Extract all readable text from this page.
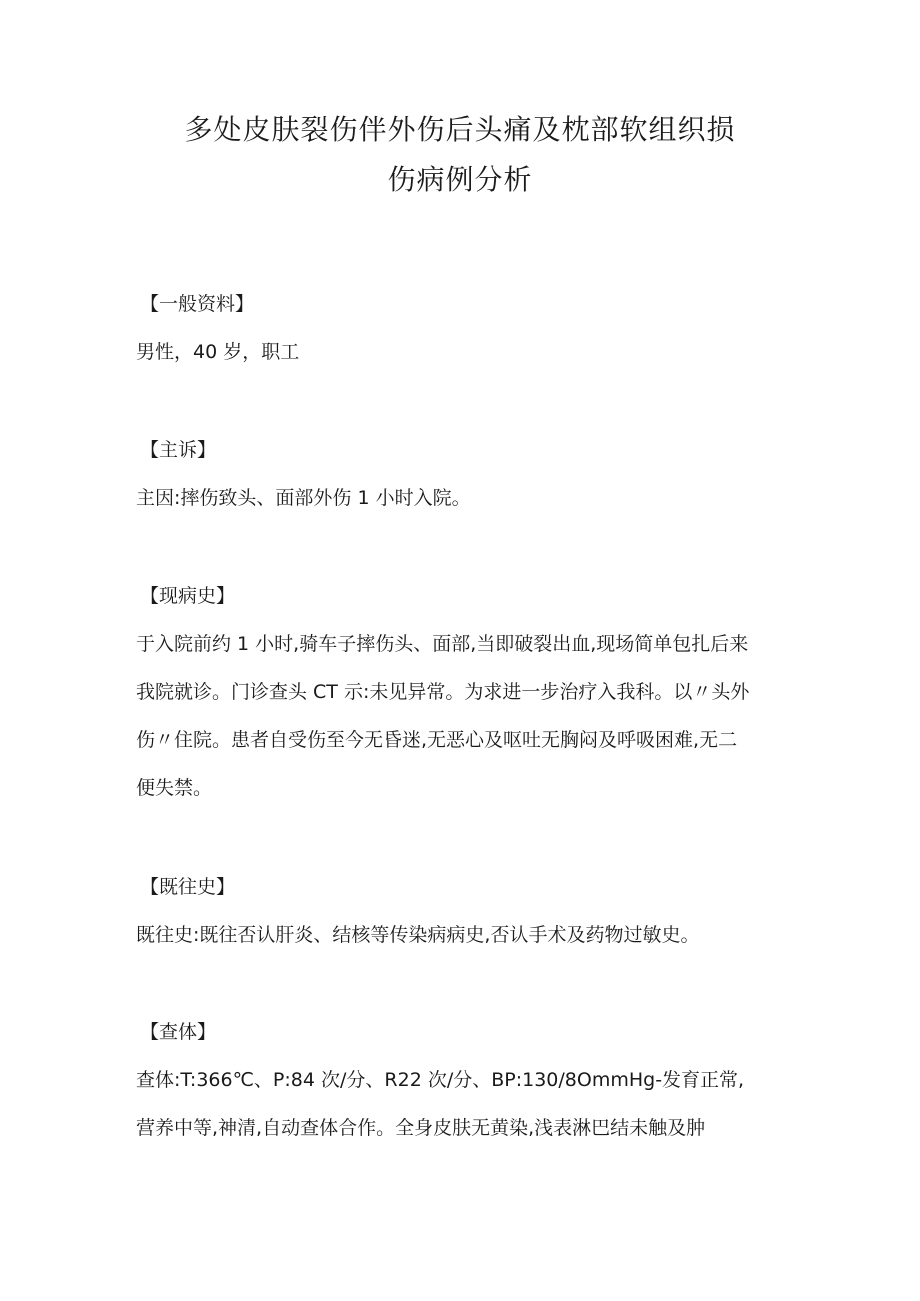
多处皮肤裂伤伴外伤后头痛及枕部软组织损
伤病例分析
【一般资料】
男性，40 岁，职工
【主诉】
主因:摔伤致头、面部外伤 1 小时入院。
【现病史】
于入院前约 1 小时,骑车子摔伤头、面部,当即破裂出血,现场简单包扎后来
我院就诊。门诊查头 CT 示:未见异常。为求进一步治疗入我科。以〃头外
伤〃住院。患者自受伤至今无昏迷,无恶心及呕吐无胸闷及呼吸困难,无二
便失禁。
【既往史】
既往史:既往否认肝炎、结核等传染病病史,否认手术及药物过敏史。
【查体】
查体:T:366℃、P:84 次/分、R22 次/分、BP:130/8OmmHg-发育正常,
营养中等,神清,自动查体合作。全身皮肤无黄染,浅表淋巴结未触及肿
